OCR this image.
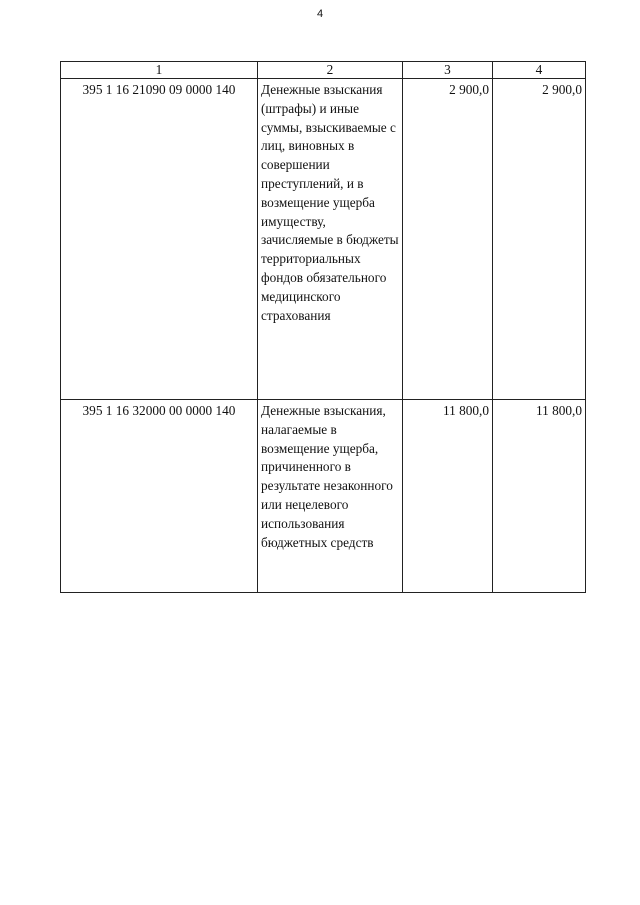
4
1	2	3	4
395 1 16 21090 09 0000 140	Денежные взыскания (штрафы) и иные суммы, взыскиваемые с лиц, виновных в совершении преступлений, и в возмещение ущерба имуществу, зачисляемые в бюджеты территориальных фондов обязательного медицинского страхования	2 900,0	2 900,0
395 1 16 32000 00 0000 140	Денежные взыскания, налагаемые в возмещение ущерба, причиненного в результате незаконного или нецелевого использования бюджетных средств	11 800,0	11 800,0
